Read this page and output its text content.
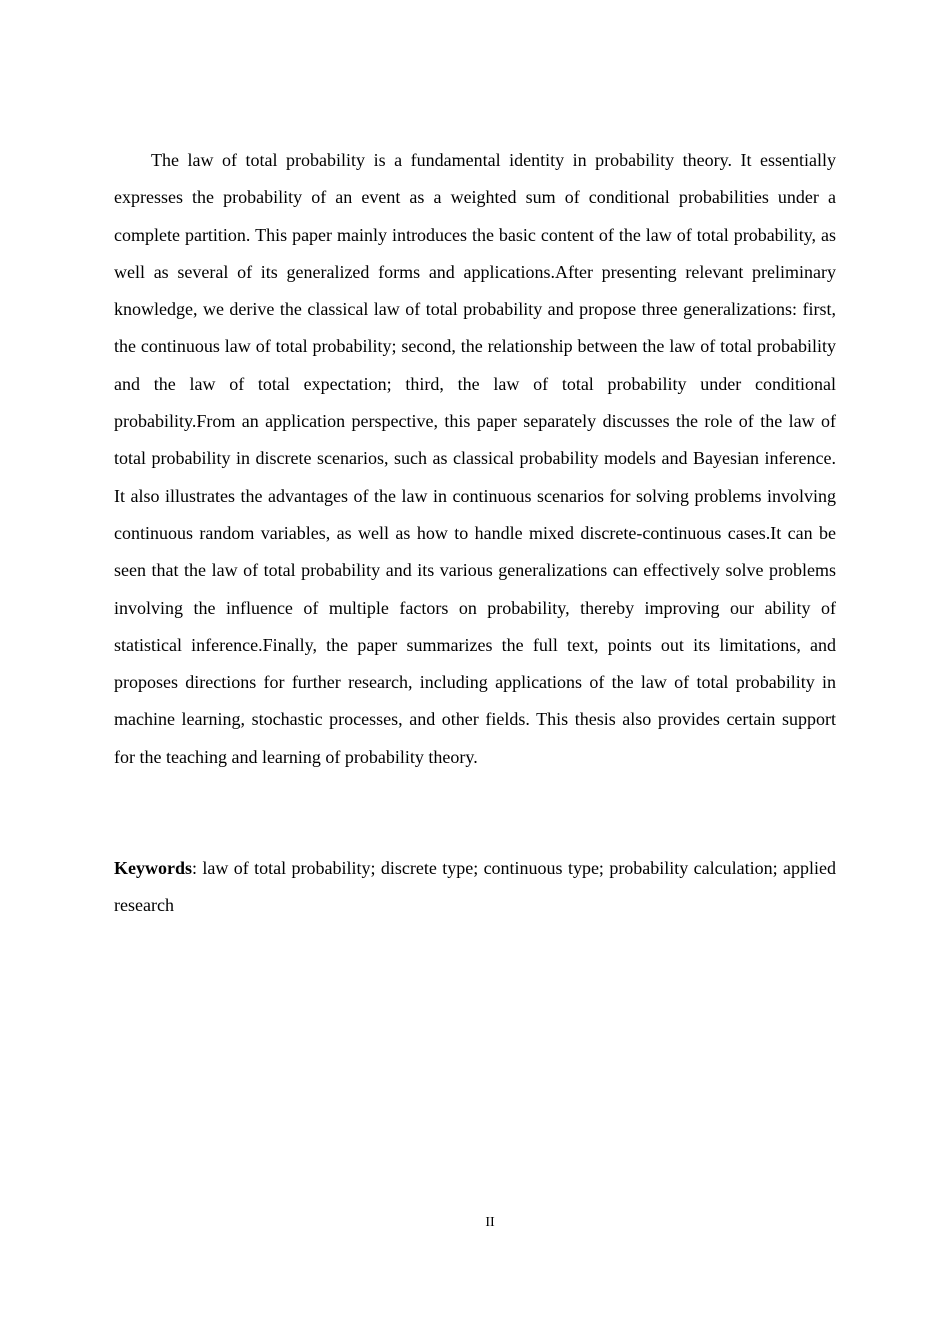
The law of total probability is a fundamental identity in probability theory. It essentially expresses the probability of an event as a weighted sum of conditional probabilities under a complete partition. This paper mainly introduces the basic content of the law of total probability, as well as several of its generalized forms and applications.After presenting relevant preliminary knowledge, we derive the classical law of total probability and propose three generalizations: first, the continuous law of total probability; second, the relationship between the law of total probability and the law of total expectation; third, the law of total probability under conditional probability.From an application perspective, this paper separately discusses the role of the law of total probability in discrete scenarios, such as classical probability models and Bayesian inference. It also illustrates the advantages of the law in continuous scenarios for solving problems involving continuous random variables, as well as how to handle mixed discrete-continuous cases.It can be seen that the law of total probability and its various generalizations can effectively solve problems involving the influence of multiple factors on probability, thereby improving our ability of statistical inference.Finally, the paper summarizes the full text, points out its limitations, and proposes directions for further research, including applications of the law of total probability in machine learning, stochastic processes, and other fields. This thesis also provides certain support for the teaching and learning of probability theory.

Keywords: law of total probability; discrete type; continuous type; probability calculation; applied research

II
